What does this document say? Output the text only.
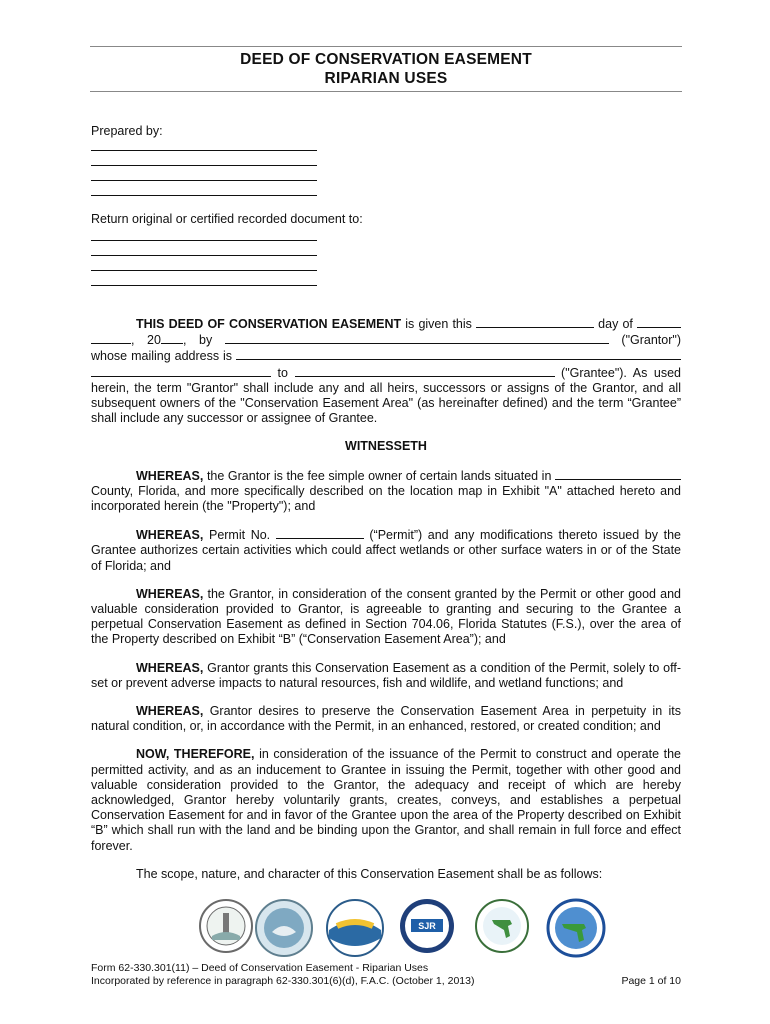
DEED OF CONSERVATION EASEMENT
RIPARIAN USES
Prepared by:
Return original or certified recorded document to:

THIS DEED OF CONSERVATION EASEMENT is given this	day of  , 20 , by	("Grantor") whose mailing address is   to	("Grantee"). As used herein, the term "Grantor" shall include any and all heirs, successors or assigns of the Grantor, and all subsequent owners of the "Conservation Easement Area" (as hereinafter defined) and the term “Grantee” shall include any successor or assignee of Grantee.

WITNESSETH

WHEREAS, the Grantor is the fee simple owner of certain lands situated in  County, Florida, and more specifically described on the location map in Exhibit "A" attached hereto and incorporated herein (the "Property"); and

WHEREAS, Permit No.	(“Permit”) and any modifications thereto issued by the Grantee authorizes certain activities which could affect wetlands or other surface waters in or of the State of Florida; and

WHEREAS, the Grantor, in consideration of the consent granted by the Permit or other good and valuable consideration provided to Grantor, is agreeable to granting and securing to the Grantee a perpetual Conservation Easement as defined in Section 704.06, Florida Statutes (F.S.), over the area of the Property described on Exhibit “B” (“Conservation Easement Area”); and

WHEREAS, Grantor grants this Conservation Easement as a condition of the Permit, solely to off-set or prevent adverse impacts to natural resources, fish and wildlife, and wetland functions; and

WHEREAS, Grantor desires to preserve the Conservation Easement Area in perpetuity in its natural condition, or, in accordance with the Permit, in an enhanced, restored, or created condition; and

NOW, THEREFORE, in consideration of the issuance of the Permit to construct and operate the permitted activity, and as an inducement to Grantee in issuing the Permit, together with other good and valuable consideration provided to the Grantor, the adequacy and receipt of which are hereby acknowledged, Grantor hereby voluntarily grants, creates, conveys, and establishes a perpetual Conservation Easement for and in favor of the Grantee upon the area of the Property described on Exhibit “B” which shall run with the land and be binding upon the Grantor, and shall remain in full force and effect forever.

The scope, nature, and character of this Conservation Easement shall be as follows:

SJR
Form 62-330.301(11) – Deed of Conservation Easement - Riparian Uses
Incorporated by reference in paragraph 62-330.301(6)(d), F.A.C. (October 1, 2013)	Page 1 of 10
